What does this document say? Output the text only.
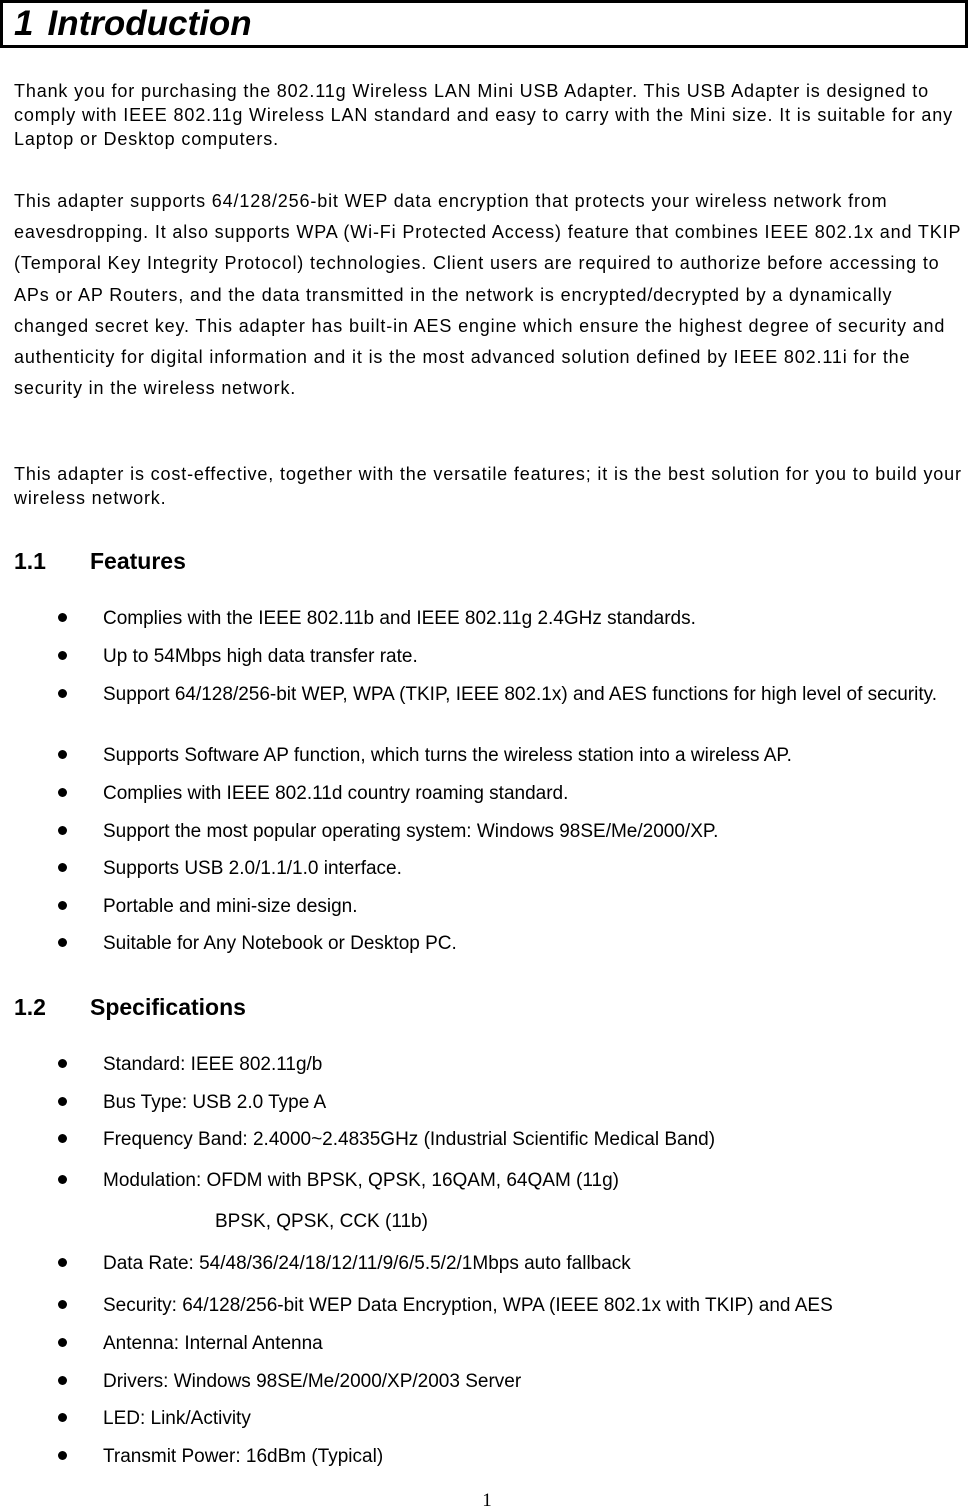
1 Introduction

Thank you for purchasing the 802.11g Wireless LAN Mini USB Adapter. This USB Adapter is designed to comply with IEEE 802.11g Wireless LAN standard and easy to carry with the Mini size. It is suitable for any Laptop or Desktop computers.

This adapter supports 64/128/256-bit WEP data encryption that protects your wireless network from eavesdropping. It also supports WPA (Wi-Fi Protected Access) feature that combines IEEE 802.1x and TKIP (Temporal Key Integrity Protocol) technologies. Client users are required to authorize before accessing to APs or AP Routers, and the data transmitted in the network is encrypted/decrypted by a dynamically changed secret key. This adapter has built-in AES engine which ensure the highest degree of security and authenticity for digital information and it is the most advanced solution defined by IEEE 802.11i for the security in the wireless network.

This adapter is cost-effective, together with the versatile features; it is the best solution for you to build your wireless network.

1.1 Features
Complies with the IEEE 802.11b and IEEE 802.11g 2.4GHz standards.
Up to 54Mbps high data transfer rate.
Support 64/128/256-bit WEP, WPA (TKIP, IEEE 802.1x) and AES functions for high level of security.
Supports Software AP function, which turns the wireless station into a wireless AP.
Complies with IEEE 802.11d country roaming standard.
Support the most popular operating system: Windows 98SE/Me/2000/XP.
Supports USB 2.0/1.1/1.0 interface.
Portable and mini-size design.
Suitable for Any Notebook or Desktop PC.
1.2 Specifications
Standard: IEEE 802.11g/b
Bus Type: USB 2.0 Type A
Frequency Band: 2.4000~2.4835GHz (Industrial Scientific Medical Band)
Modulation: OFDM with BPSK, QPSK, 16QAM, 64QAM (11g)
Data Rate: 54/48/36/24/18/12/11/9/6/5.5/2/1Mbps auto fallback
Security: 64/128/256-bit WEP Data Encryption, WPA (IEEE 802.1x with TKIP) and AES
Antenna: Internal Antenna
Drivers: Windows 98SE/Me/2000/XP/2003 Server
LED: Link/Activity
Transmit Power: 16dBm (Typical)
BPSK, QPSK, CCK (11b)
1
